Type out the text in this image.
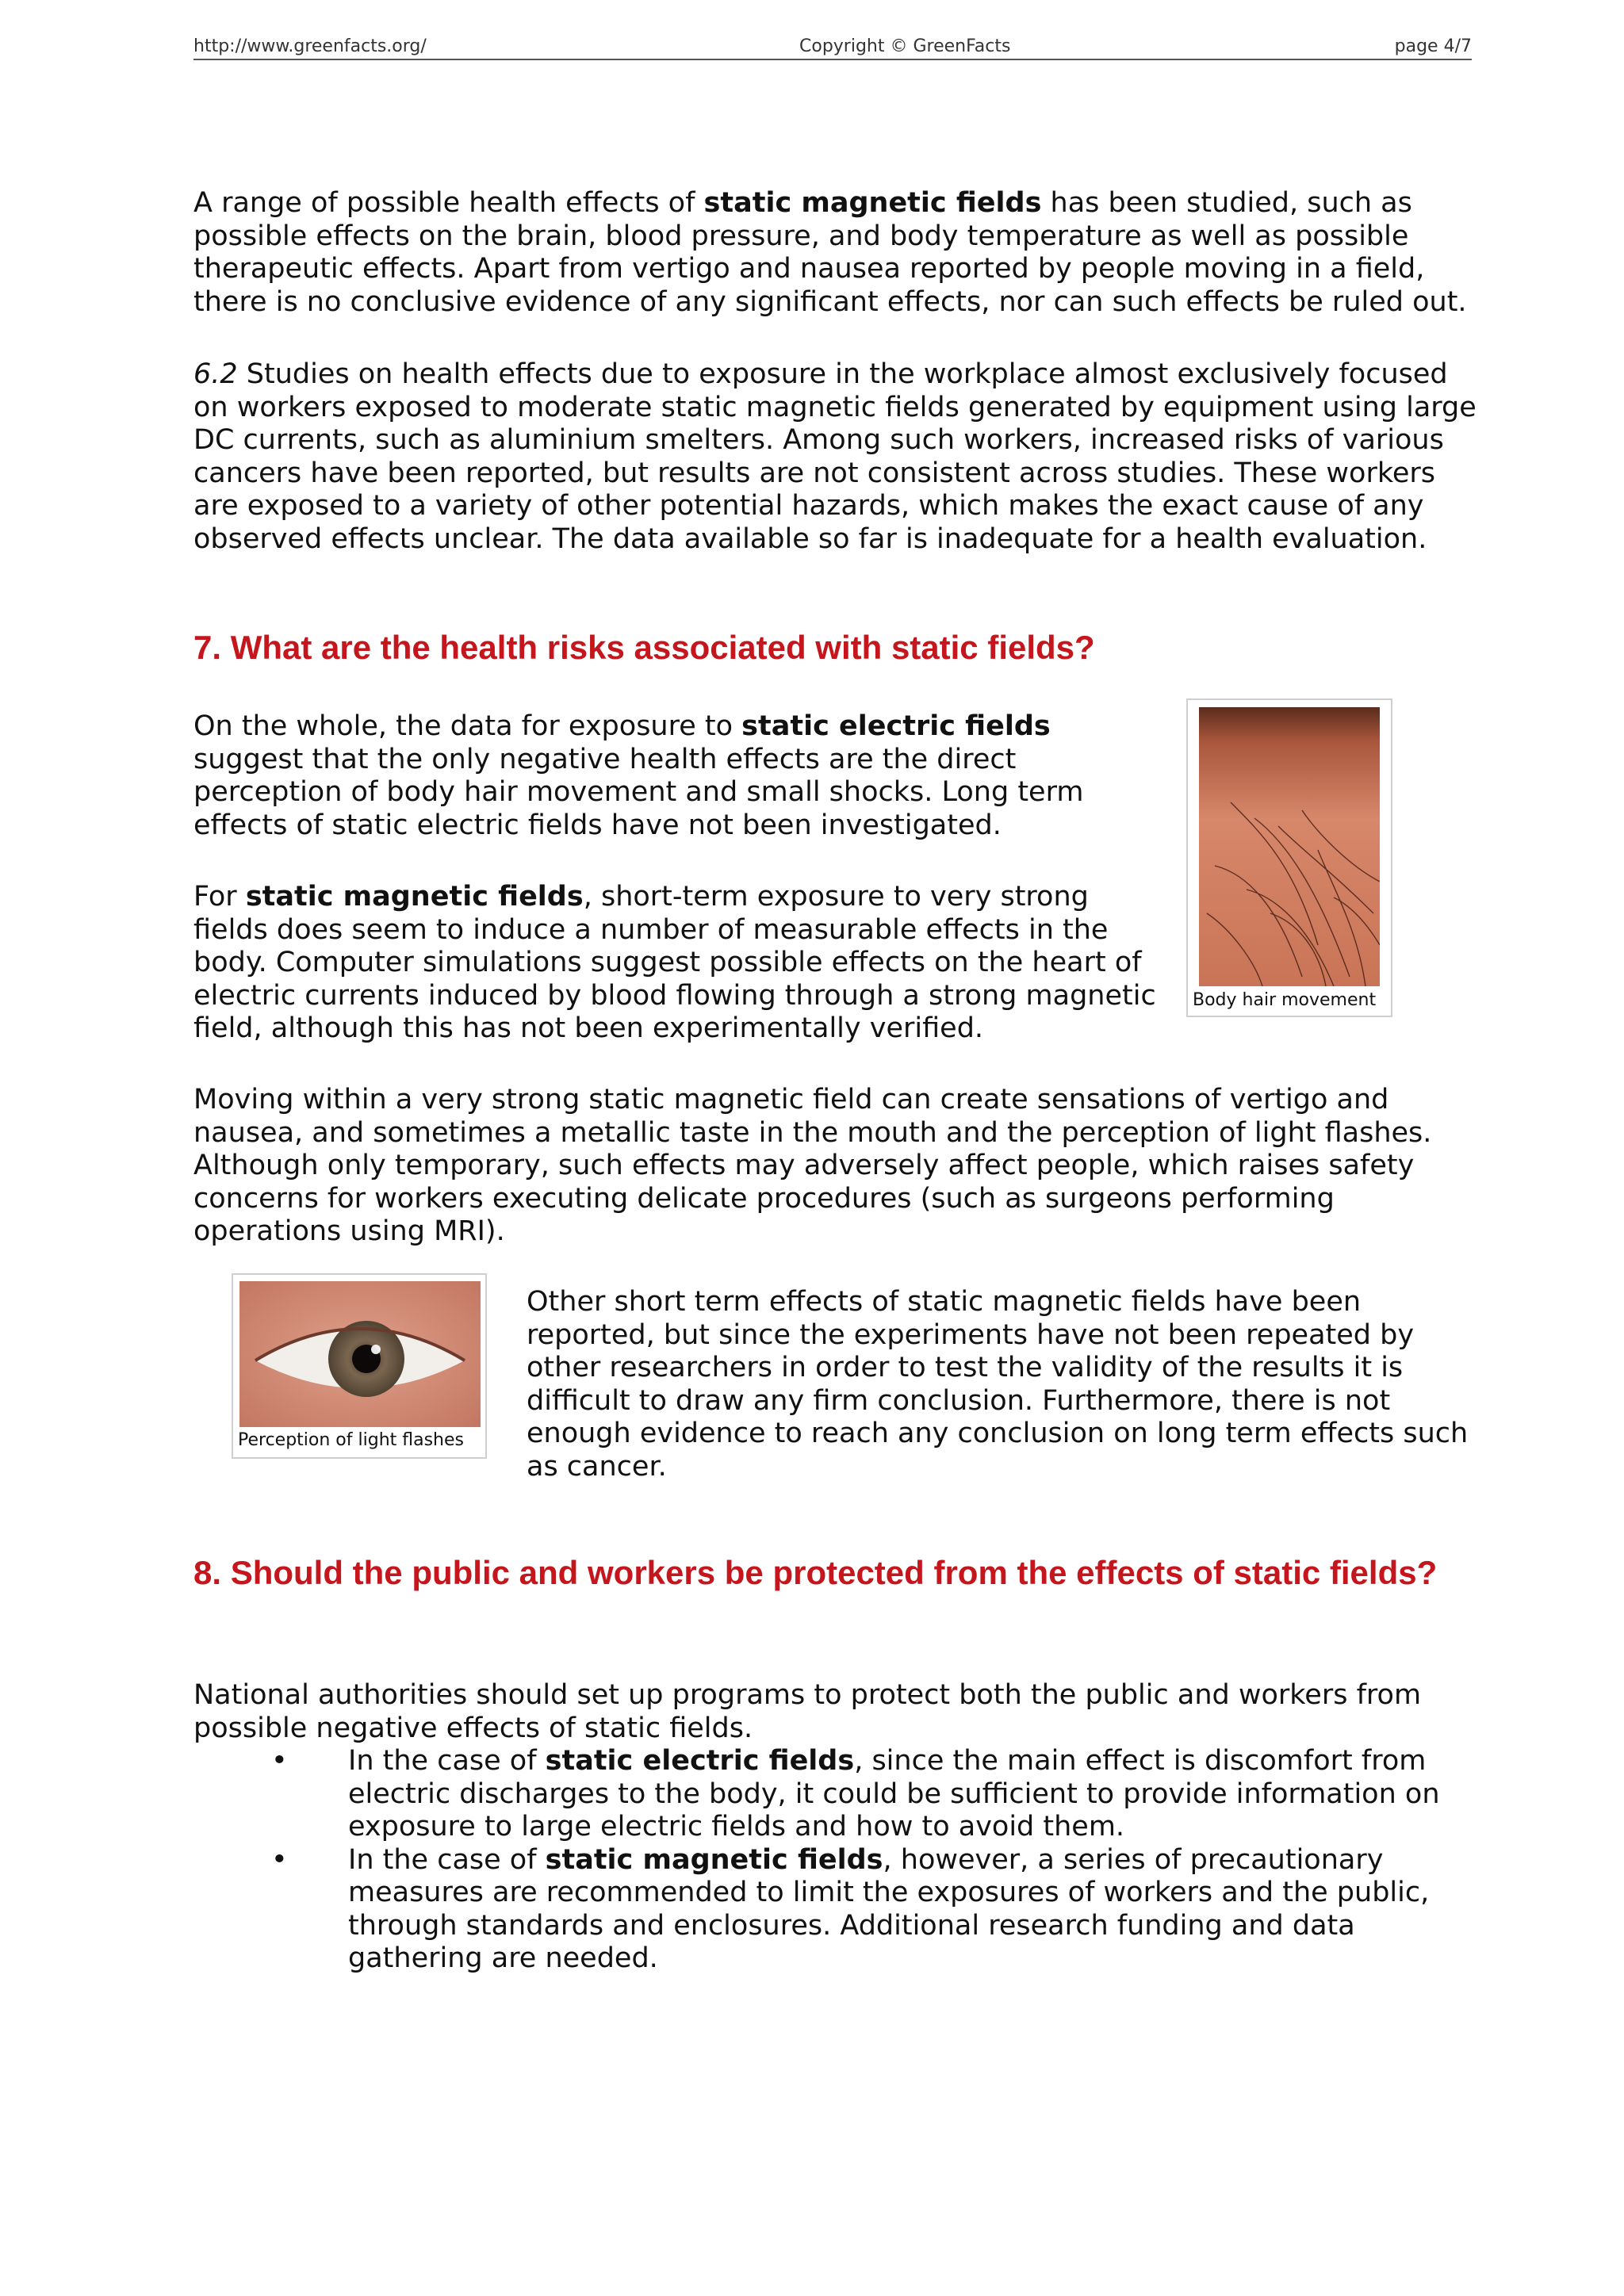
http://www.greenfacts.org/	Copyright © GreenFacts	page 4/7

A range of possible health effects of static magnetic fields has been studied, such as possible effects on the brain, blood pressure, and body temperature as well as possible therapeutic effects. Apart from vertigo and nausea reported by people moving in a field, there is no conclusive evidence of any significant effects, nor can such effects be ruled out.

6.2 Studies on health effects due to exposure in the workplace almost exclusively focused on workers exposed to moderate static magnetic fields generated by equipment using large DC currents, such as aluminium smelters. Among such workers, increased risks of various cancers have been reported, but results are not consistent across studies. These workers are exposed to a variety of other potential hazards, which makes the exact cause of any observed effects unclear. The data available so far is inadequate for a health evaluation.

7. What are the health risks associated with static fields?

On the whole, the data for exposure to static electric fields suggest that the only negative health effects are the direct perception of body hair movement and small shocks. Long term effects of static electric fields have not been investigated.

For static magnetic fields, short-term exposure to very strong fields does seem to induce a number of measurable effects in the body. Computer simulations suggest possible effects on the heart of electric currents induced by blood flowing through a strong magnetic field, although this has not been experimentally verified.

Body hair movement

Moving within a very strong static magnetic field can create sensations of vertigo and nausea, and sometimes a metallic taste in the mouth and the perception of light flashes. Although only temporary, such effects may adversely affect people, which raises safety concerns for workers executing delicate procedures (such as surgeons performing operations using MRI).

Perception of light flashes

Other short term effects of static magnetic fields have been reported, but since the experiments have not been repeated by other researchers in order to test the validity of the results it is difficult to draw any firm conclusion. Furthermore, there is not enough evidence to reach any conclusion on long term effects such as cancer.

8. Should the public and workers be protected from the effects of static fields?

National authorities should set up programs to protect both the public and workers from possible negative effects of static fields.

• In the case of static electric fields, since the main effect is discomfort from electric discharges to the body, it could be sufficient to provide information on exposure to large electric fields and how to avoid them.
• In the case of static magnetic fields, however, a series of precautionary measures are recommended to limit the exposures of workers and the public, through standards and enclosures. Additional research funding and data gathering are needed.
